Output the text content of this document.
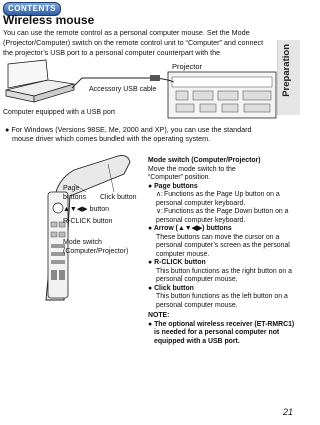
CONTENTS
Preparation
Wireless mouse
You can use the remote control as a personal computer mouse. Set the Mode (Projector/Computer) switch on the remote control unit to “Computer” and connect the projector’s USB port to a personal computer counterpart with the
Projector
Accessory USB cable
Computer equipped with a USB port

● For Windows (Versions 98SE, Me, 2000 and XP), you can use the standard mouse driver which comes bundled with the operating system.

Page
buttons Click button
▲▼◀▶ button
R-CLICK button
Mode switch
(Computer/Projector)

Mode switch (Computer/Projector)

Move the mode switch to the

“Computer” position.

● Page buttons

∧:Functions as the Page Up button on a personal computer keyboard.

∨:Functions as the Page Down button on a personal computer keyboard.

● Arrow (▲▼◀▶) buttons

These buttons can move the cursor on a personal computer’s screen as the personal computer mouse.

● R-CLICK button

This button functions as the right button on a personal computer mouse.

● Click button

This button functions as the left button on a personal computer mouse.

NOTE:

● The optional wireless receiver (ET-RMRC1) is needed for a personal computer not equipped with a USB port.

21
